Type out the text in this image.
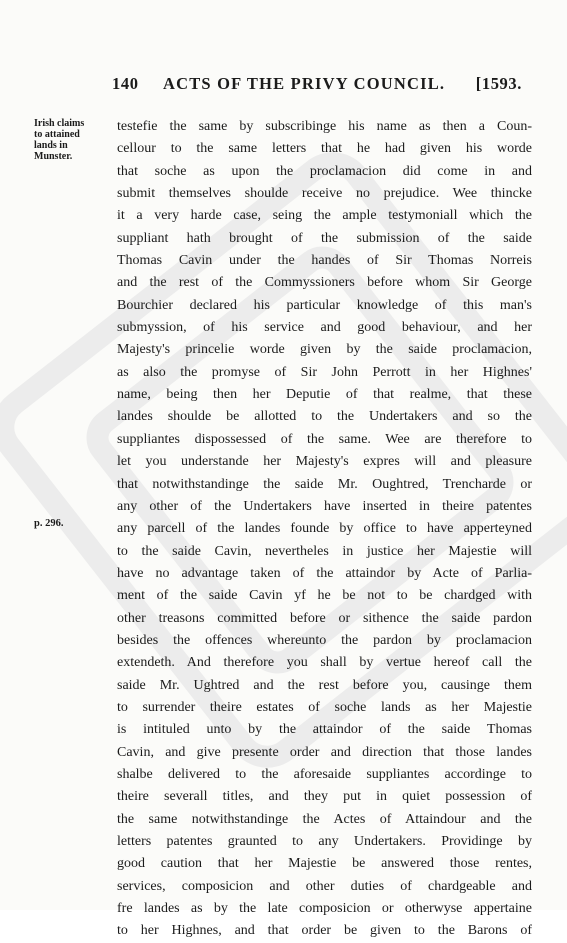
140 ACTS OF THE PRIVY COUNCIL. [1593.
Irish claims
to attained
lands in
Munster.
p. 296.
testefie the same by subscribinge his name as then a Coun-
cellour to the same letters that he had given his worde
that soche as upon the proclamacion did come in and
submit themselves shoulde receive no prejudice. Wee thincke
it a very harde case, seing the ample testymoniall which the
suppliant hath brought of the submission of the saide
Thomas Cavin under the handes of Sir Thomas Norreis
and the rest of the Commyssioners before whom Sir George
Bourchier declared his particular knowledge of this man's
submyssion, of his service and good behaviour, and her
Majesty's princelie worde given by the saide proclamacion,
as also the promyse of Sir John Perrott in her Highnes'
name, being then her Deputie of that realme, that these
landes shoulde be allotted to the Undertakers and so the
suppliantes dispossessed of the same. Wee are therefore to
let you understande her Majesty's expres will and pleasure
that notwithstandinge the saide Mr. Oughtred, Trencharde or
any other of the Undertakers have inserted in theire patentes
any parcell of the landes founde by office to have apperteyned
to the saide Cavin, nevertheles in justice her Majestie will
have no advantage taken of the attaindor by Acte of Parlia-
ment of the saide Cavin yf he be not to be chardged with
other treasons committed before or sithence the saide pardon
besides the offences whereunto the pardon by proclamacion
extendeth. And therefore you shall by vertue hereof call the
saide Mr. Ughtred and the rest before you, causinge them
to surrender theire estates of soche lands as her Majestie
is intituled unto by the attaindor of the saide Thomas
Cavin, and give presente order and direction that those landes
shalbe delivered to the aforesaide suppliantes accordinge to
theire severall titles, and they put in quiet possession of
the same notwithstandinge the Actes of Attaindour and the
letters patentes graunted to any Undertakers. Providinge by
good caution that her Majestie be answered those rentes,
services, composicion and other duties of chardgeable and
fre landes as by the late composicion or otherwyse appertaine
to her Highnes, and that order be given to the Barons of
